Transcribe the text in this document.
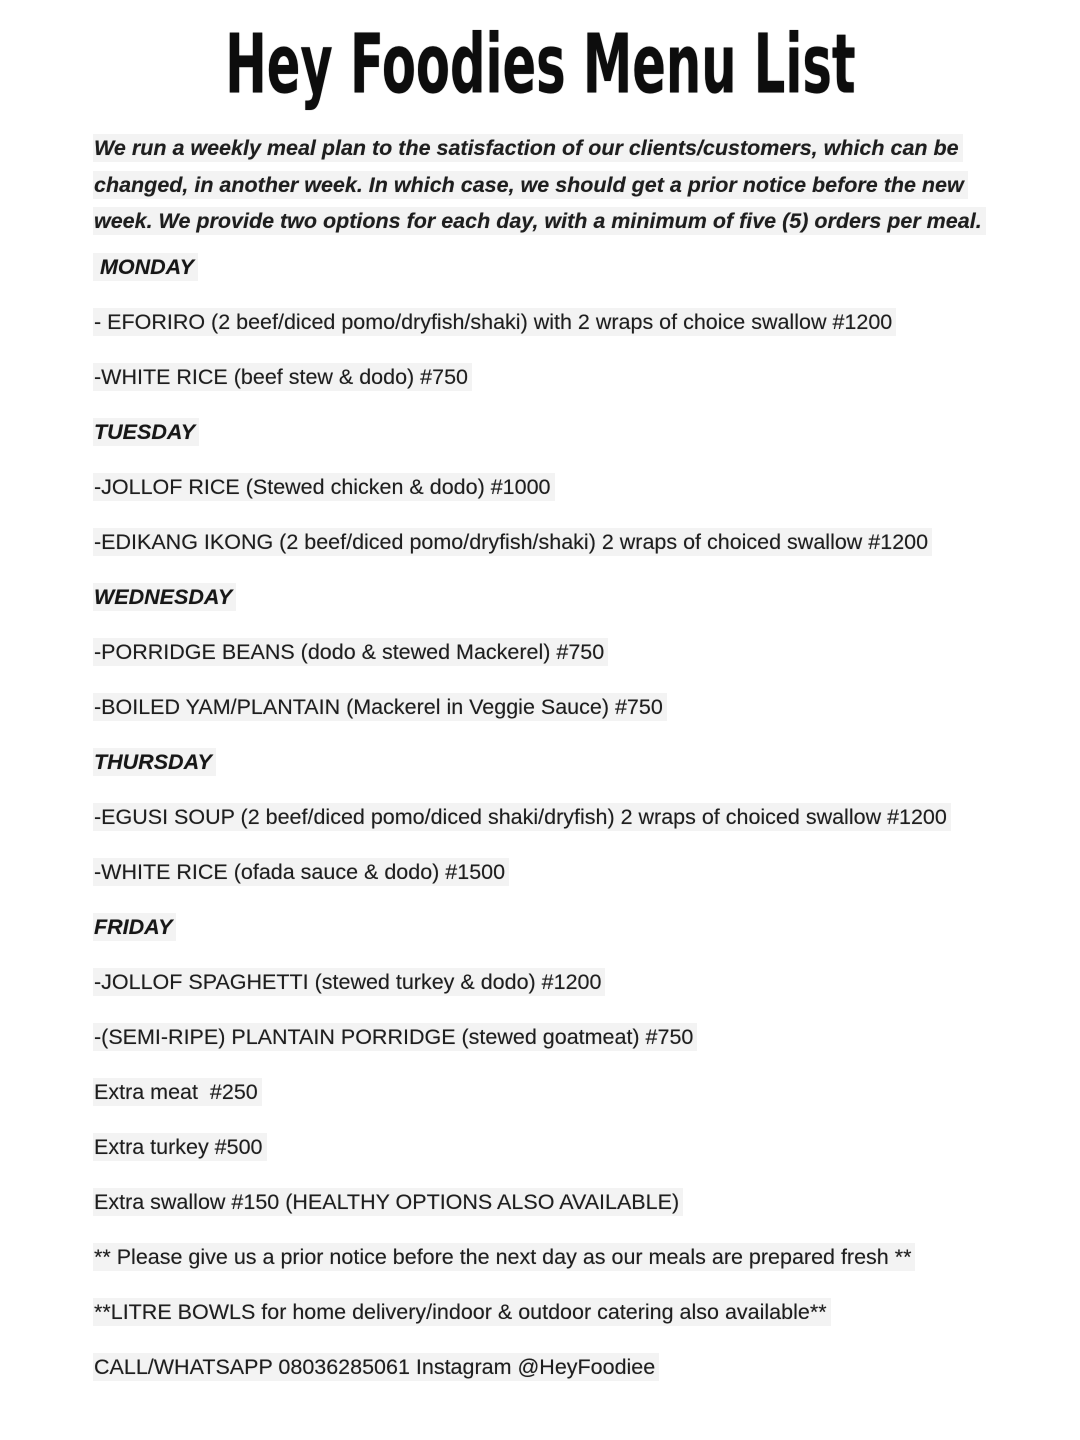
Hey Foodies Menu List

We run a weekly meal plan to the satisfaction of our clients/customers, which can be changed, in another week. In which case, we should get a prior notice before the new week. We provide two options for each day, with a minimum of five (5) orders per meal.

MONDAY

- EFORIRO (2 beef/diced pomo/dryfish/shaki) with 2 wraps of choice swallow #1200

-WHITE RICE (beef stew & dodo) #750

TUESDAY

-JOLLOF RICE (Stewed chicken & dodo) #1000

-EDIKANG IKONG (2 beef/diced pomo/dryfish/shaki) 2 wraps of choiced swallow #1200

WEDNESDAY

-PORRIDGE BEANS (dodo & stewed Mackerel) #750

-BOILED YAM/PLANTAIN (Mackerel in Veggie Sauce) #750

THURSDAY

-EGUSI SOUP (2 beef/diced pomo/diced shaki/dryfish) 2 wraps of choiced swallow #1200

-WHITE RICE (ofada sauce & dodo) #1500

FRIDAY

-JOLLOF SPAGHETTI (stewed turkey & dodo) #1200

-(SEMI-RIPE) PLANTAIN PORRIDGE (stewed goatmeat) #750

Extra meat  #250

Extra turkey #500

Extra swallow #150 (HEALTHY OPTIONS ALSO AVAILABLE)

** Please give us a prior notice before the next day as our meals are prepared fresh **

**LITRE BOWLS for home delivery/indoor & outdoor catering also available**

CALL/WHATSAPP 08036285061 Instagram @HeyFoodiee
